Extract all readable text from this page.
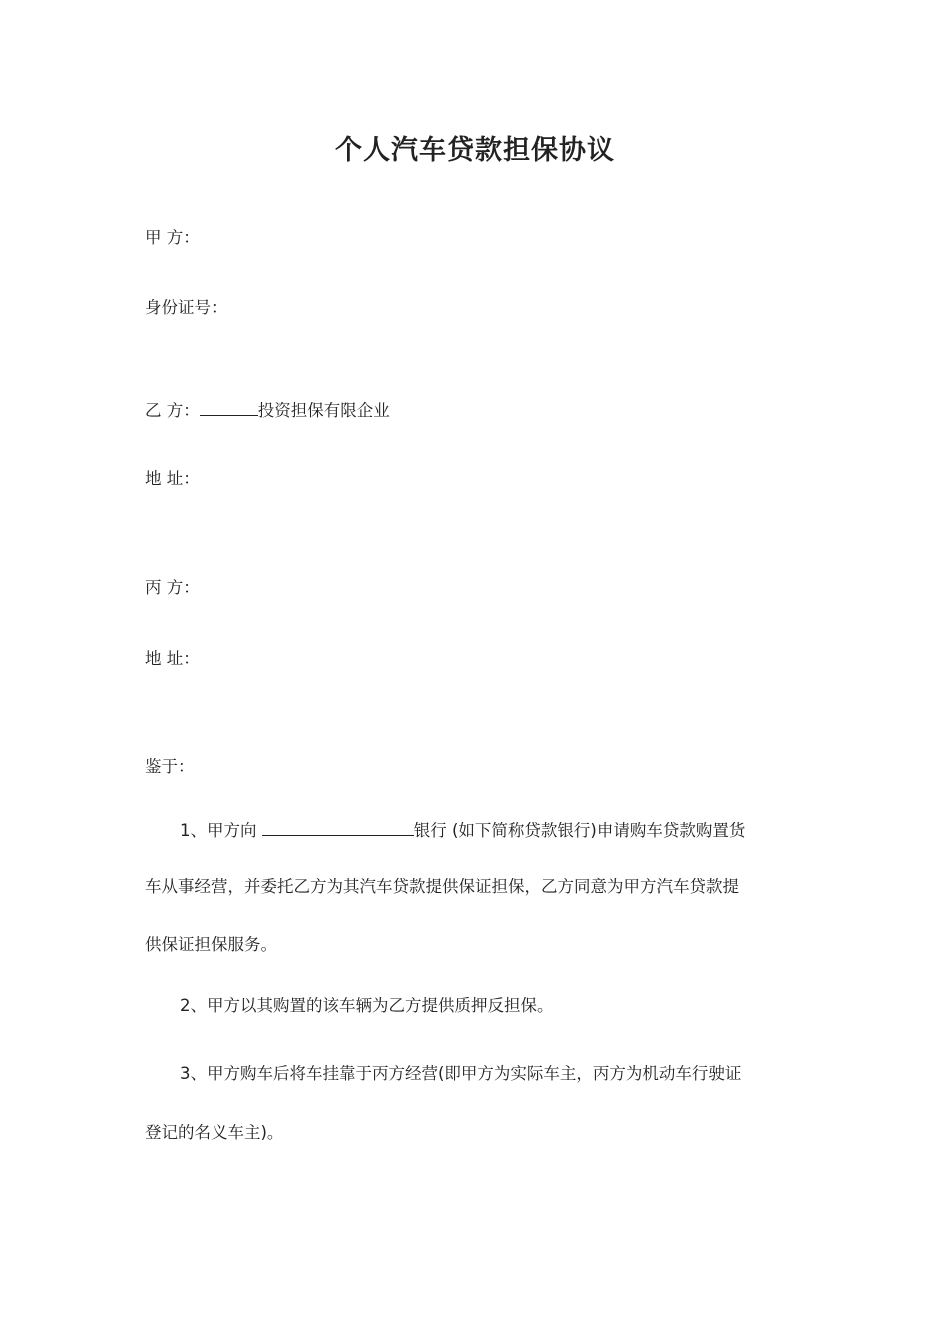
个人汽车贷款担保协议
甲 方：
身份证号：
乙 方：	投资担保有限企业
地 址：
丙 方：
地 址：
鉴于：
1、甲方向	银行 (如下简称贷款银行)申请购车贷款购置货
车从事经营，并委托乙方为其汽车贷款提供保证担保，乙方同意为甲方汽车贷款提
供保证担保服务。
2、甲方以其购置的该车辆为乙方提供质押反担保。
3、甲方购车后将车挂靠于丙方经营(即甲方为实际车主，丙方为机动车行驶证
登记的名义车主)。
